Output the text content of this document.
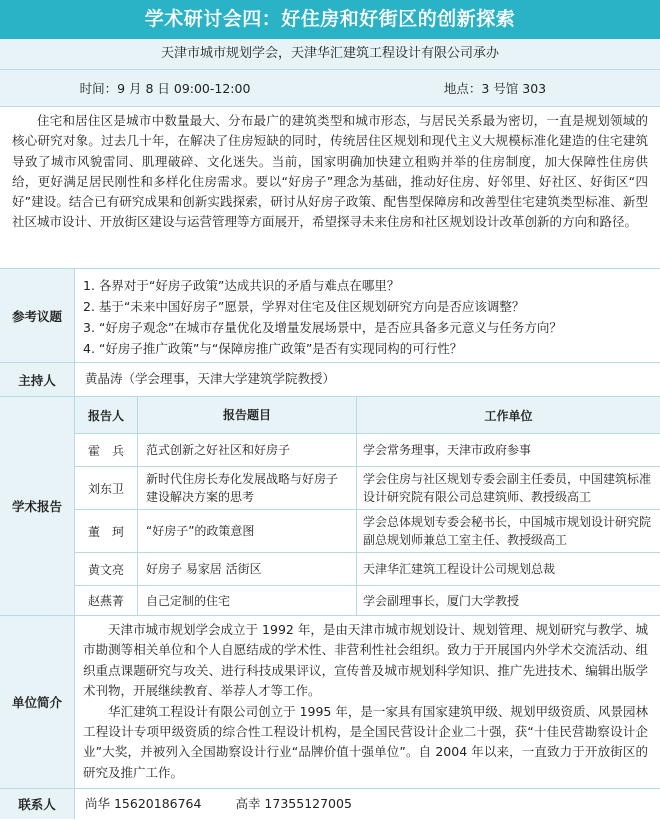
学术研讨会四：好住房和好街区的创新探索
天津市城市规划学会，天津华汇建筑工程设计有限公司承办
时间：9 月 8 日 09:00-12:00	地点：3 号馆 303
住宅和居住区是城市中数量最大、分布最广的建筑类型和城市形态，与居民关系最为密切，一直是规划领域的核心研究对象。过去几十年，在解决了住房短缺的同时，传统居住区规划和现代主义大规模标准化建造的住宅建筑导致了城市风貌雷同、肌理破碎、文化迷失。当前，国家明确加快建立租购并举的住房制度，加大保障性住房供给，更好满足居民刚性和多样化住房需求。要以“好房子”理念为基础，推动好住房、好邻里、好社区、好街区“四好”建设。结合已有研究成果和创新实践探索，研讨从好房子政策、配售型保障房和改善型住宅建筑类型标准、新型社区城市设计、开放街区建设与运营管理等方面展开，希望探寻未来住房和社区规划设计改革创新的方向和路径。
参考议题
1. 各界对于“好房子政策”达成共识的矛盾与难点在哪里？
2. 基于“未来中国好房子”愿景，学界对住宅及住区规划研究方向是否应该调整？
3. “好房子观念”在城市存量优化及增量发展场景中，是否应具备多元意义与任务方向？
4. “好房子推广政策”与“保障房推广政策”是否有实现同构的可行性？
主持人	黄晶涛（学会理事，天津大学建筑学院教授）
学术报告
报告人	报告题目	工作单位
霍　兵	范式创新之好社区和好房子	学会常务理事，天津市政府参事
刘东卫	新时代住房长寿化发展战略与好房子建设解决方案的思考	学会住房与社区规划专委会副主任委员，中国建筑标准设计研究院有限公司总建筑师、教授级高工
董　珂	“好房子”的政策意图	学会总体规划专委会秘书长，中国城市规划设计研究院副总规划师兼总工室主任、教授级高工
黄文亮	好房子 易家居 活街区	天津华汇建筑工程设计公司规划总裁
赵燕菁	自己定制的住宅	学会副理事长，厦门大学教授
单位简介

天津市城市规划学会成立于 1992 年，是由天津市城市规划设计、规划管理、规划研究与教学、城市勘测等相关单位和个人自愿结成的学术性、非营利性社会组织。致力于开展国内外学术交流活动、组织重点课题研究与攻关、进行科技成果评议，宣传普及城市规划科学知识、推广先进技术、编辑出版学术刊物，开展继续教育、举荐人才等工作。

华汇建筑工程设计有限公司创立于 1995 年，是一家具有国家建筑甲级、规划甲级资质、风景园林工程设计专项甲级资质的综合性工程设计机构，是全国民营设计企业二十强，获“十佳民营勘察设计企业”大奖，并被列入全国勘察设计行业“品牌价值十强单位”。自 2004 年以来，一直致力于开放街区的研究及推广工作。

联系人	尚华 15620186764	高幸 17355127005
